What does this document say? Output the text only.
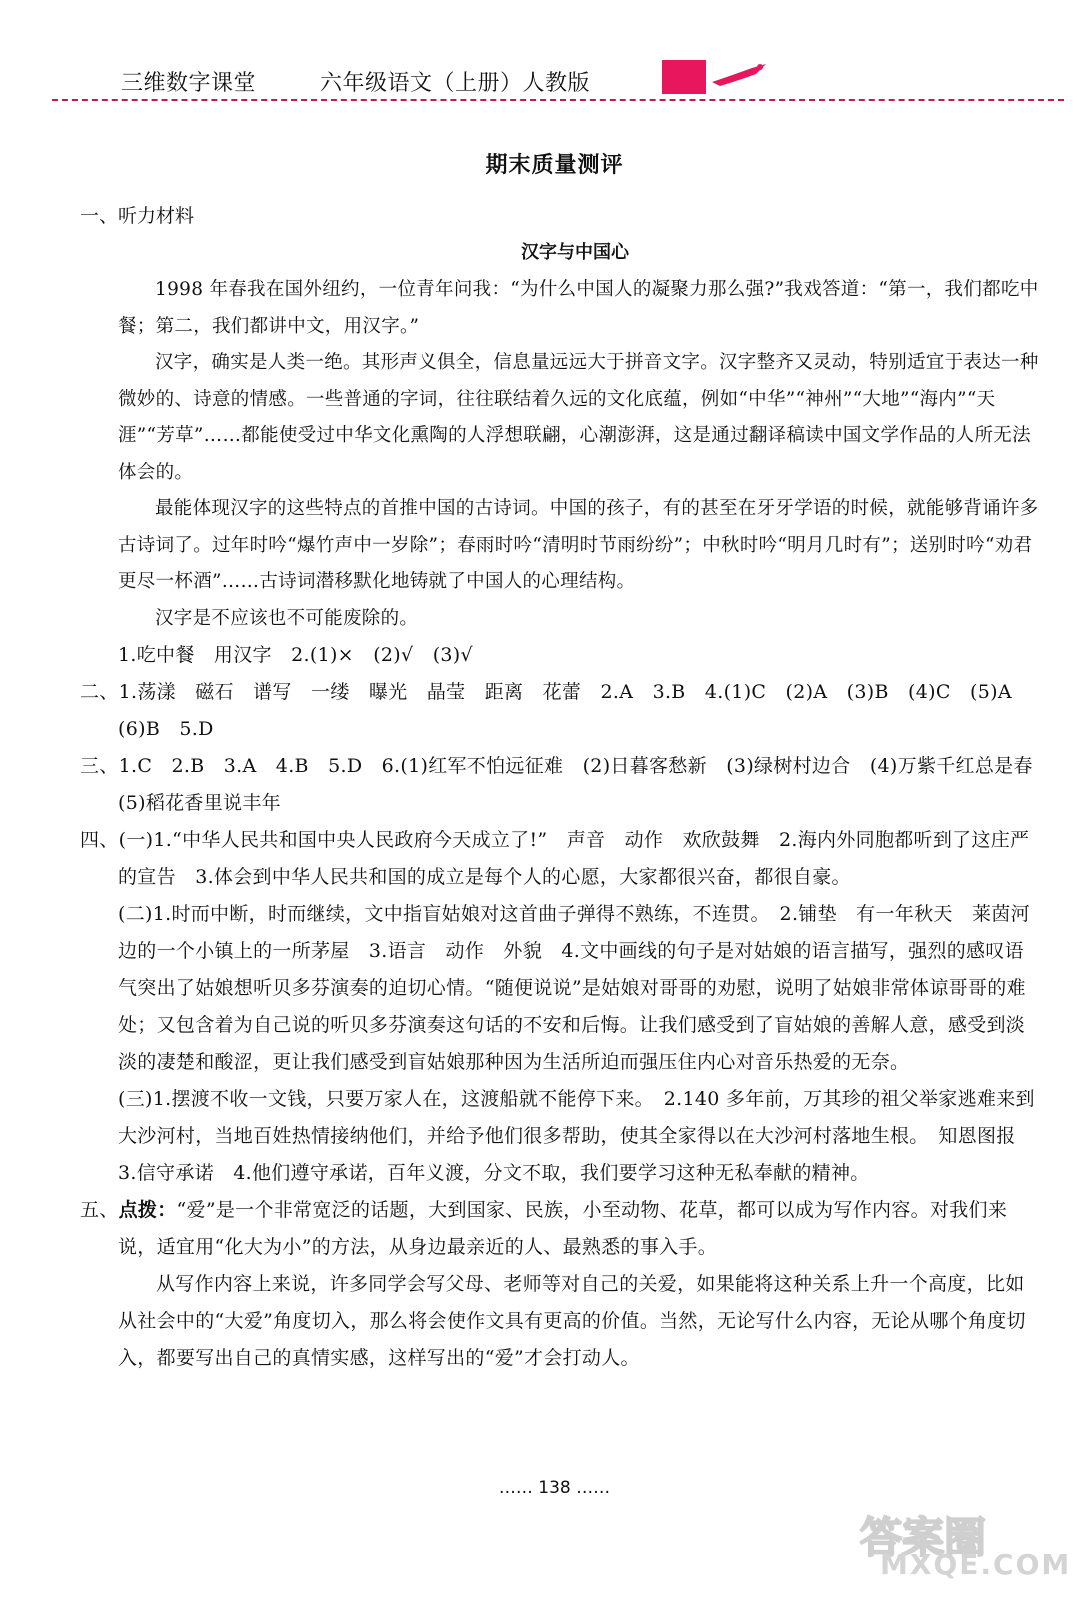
三维数字课堂	六年级语文（上册）人教版
期末质量测评
一、听力材料
汉字与中国心

1998 年春我在国外纽约，一位青年问我：“为什么中国人的凝聚力那么强?”我戏答道：“第一，我们都吃中餐；第二，我们都讲中文，用汉字。”

汉字，确实是人类一绝。其形声义俱全，信息量远远大于拼音文字。汉字整齐又灵动，特别适宜于表达一种微妙的、诗意的情感。一些普通的字词，往往联结着久远的文化底蕴，例如“中华”“神州”“大地”“海内”“天涯”“芳草”……都能使受过中华文化熏陶的人浮想联翩，心潮澎湃，这是通过翻译稿读中国文学作品的人所无法体会的。

最能体现汉字的这些特点的首推中国的古诗词。中国的孩子，有的甚至在牙牙学语的时候，就能够背诵许多古诗词了。过年时吟“爆竹声中一岁除”；春雨时吟“清明时节雨纷纷”；中秋时吟“明月几时有”；送别时吟“劝君更尽一杯酒”……古诗词潜移默化地铸就了中国人的心理结构。

汉字是不应该也不可能废除的。

1.吃中餐　用汉字　2.(1)×　(2)√　(3)√

二、1.荡漾　磁石　谱写　一缕　曝光　晶莹　距离　花蕾　2.A　3.B　4.(1)C　(2)A　(3)B　(4)C　(5)A　(6)B　5.D

三、1.C　2.B　3.A　4.B　5.D　6.(1)红军不怕远征难　(2)日暮客愁新　(3)绿树村边合　(4)万紫千红总是春　(5)稻花香里说丰年

四、(一)1.“中华人民共和国中央人民政府今天成立了!”　声音　动作　欢欣鼓舞　2.海内外同胞都听到了这庄严的宣告　3.体会到中华人民共和国的成立是每个人的心愿，大家都很兴奋，都很自豪。

(二)1.时而中断，时而继续，文中指盲姑娘对这首曲子弹得不熟练，不连贯。　2.铺垫　有一年秋天　莱茵河边的一个小镇上的一所茅屋　3.语言　动作　外貌　4.文中画线的句子是对姑娘的语言描写，强烈的感叹语气突出了姑娘想听贝多芬演奏的迫切心情。“随便说说”是姑娘对哥哥的劝慰，说明了姑娘非常体谅哥哥的难处；又包含着为自己说的听贝多芬演奏这句话的不安和后悔。让我们感受到了盲姑娘的善解人意，感受到淡淡的凄楚和酸涩，更让我们感受到盲姑娘那种因为生活所迫而强压住内心对音乐热爱的无奈。

(三)1.摆渡不收一文钱，只要万家人在，这渡船就不能停下来。　2.140 多年前，万其珍的祖父举家逃难来到大沙河村，当地百姓热情接纳他们，并给予他们很多帮助，使其全家得以在大沙河村落地生根。　知恩图报　3.信守承诺　4.他们遵守承诺，百年义渡，分文不取，我们要学习这种无私奉献的精神。

五、点拨：“爱”是一个非常宽泛的话题，大到国家、民族，小至动物、花草，都可以成为写作内容。对我们来说，适宜用“化大为小”的方法，从身边最亲近的人、最熟悉的事入手。

从写作内容上来说，许多同学会写父母、老师等对自己的关爱，如果能将这种关系上升一个高度，比如从社会中的“大爱”角度切入，那么将会使作文具有更高的价值。当然，无论写什么内容，无论从哪个角度切入，都要写出自己的真情实感，这样写出的“爱”才会打动人。

…… 138 ……
答案圈
MXQE.COM
